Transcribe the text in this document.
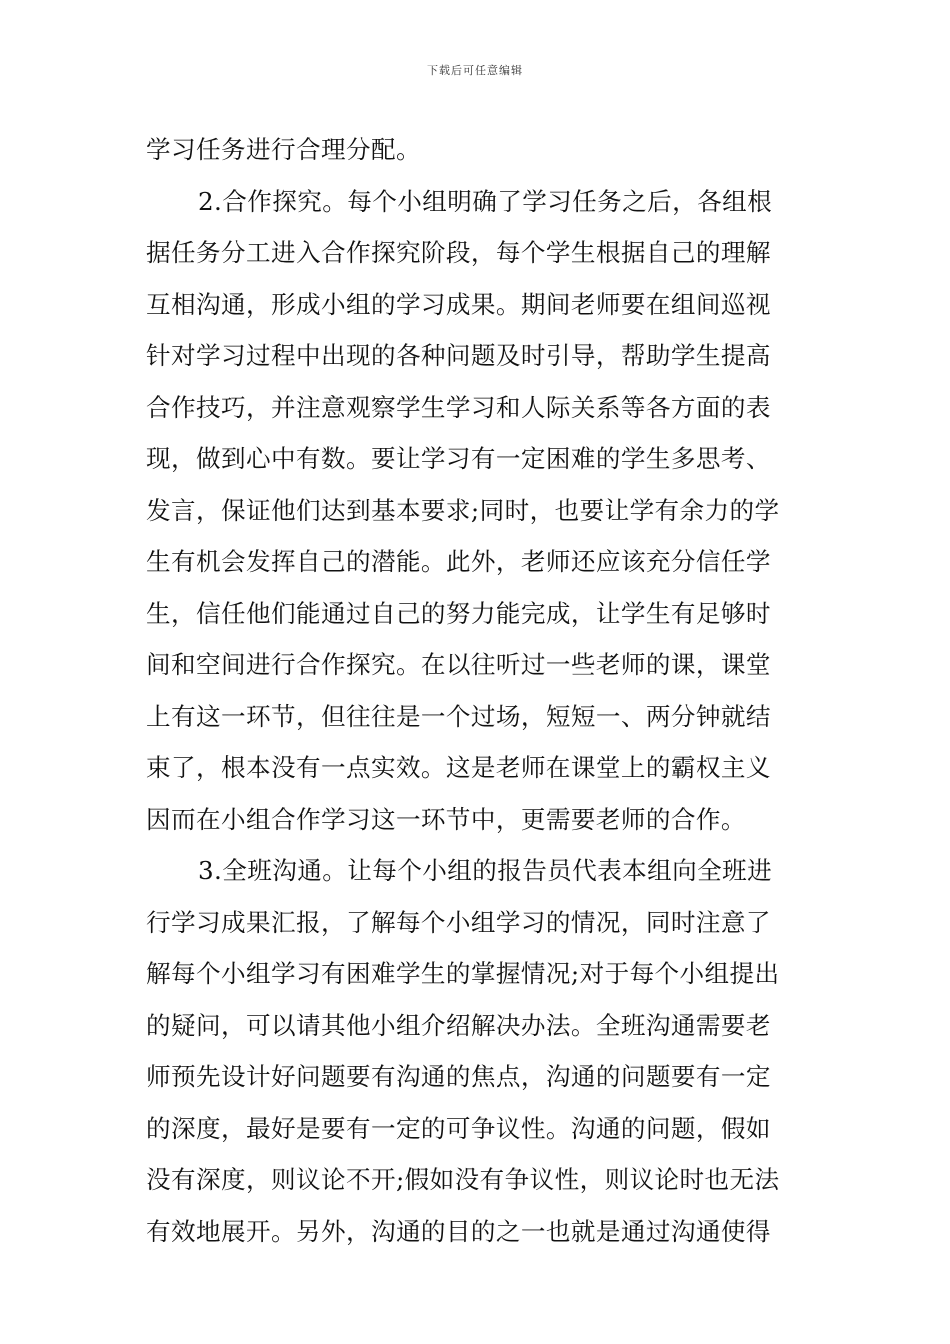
下载后可任意编辑
学习任务进行合理分配。
2.合作探究。每个小组明确了学习任务之后，各组根
据任务分工进入合作探究阶段，每个学生根据自己的理解
互相沟通，形成小组的学习成果。期间老师要在组间巡视
针对学习过程中出现的各种问题及时引导，帮助学生提高
合作技巧，并注意观察学生学习和人际关系等各方面的表
现，做到心中有数。要让学习有一定困难的学生多思考、
发言，保证他们达到基本要求;同时，也要让学有余力的学
生有机会发挥自己的潜能。此外，老师还应该充分信任学
生，信任他们能通过自己的努力能完成，让学生有足够时
间和空间进行合作探究。在以往听过一些老师的课，课堂
上有这一环节，但往往是一个过场，短短一、两分钟就结
束了，根本没有一点实效。这是老师在课堂上的霸权主义
因而在小组合作学习这一环节中，更需要老师的合作。
3.全班沟通。让每个小组的报告员代表本组向全班进
行学习成果汇报，了解每个小组学习的情况，同时注意了
解每个小组学习有困难学生的掌握情况;对于每个小组提出
的疑问，可以请其他小组介绍解决办法。全班沟通需要老
师预先设计好问题要有沟通的焦点，沟通的问题要有一定
的深度，最好是要有一定的可争议性。沟通的问题，假如
没有深度，则议论不开;假如没有争议性，则议论时也无法
有效地展开。另外，沟通的目的之一也就是通过沟通使得
